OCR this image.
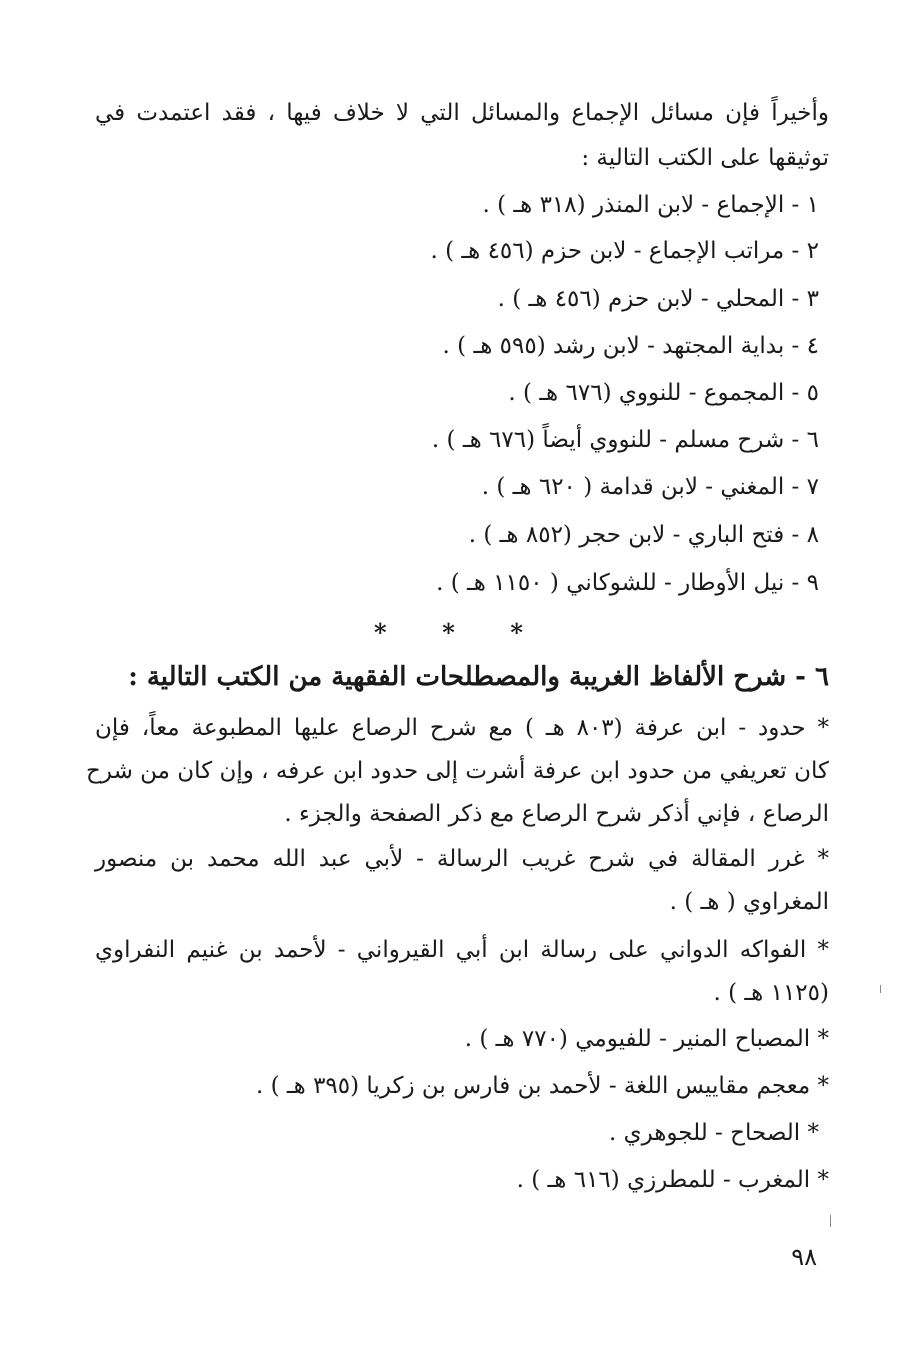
وأخيراً فإن مسائل الإجماع والمسائل التي لا خلاف فيها ، فقد اعتمدت في
توثيقها على الكتب التالية :
١ - الإجماع - لابن المنذر (٣١٨ هـ ) .
٢ - مراتب الإجماع - لابن حزم (٤٥٦ هـ ) .
٣ - المحلي - لابن حزم (٤٥٦ هـ ) .
٤ - بداية المجتهد - لابن رشد (٥٩٥ هـ ) .
٥ - المجموع - للنووي (٦٧٦ هـ ) .
٦ - شرح مسلم - للنووي أيضاً (٦٧٦ هـ ) .
٧ - المغني - لابن قدامة ( ٦٢٠ هـ ) .
٨ - فتح الباري - لابن حجر (٨٥٢ هـ ) .
٩ - نيل الأوطار - للشوكاني ( ١١٥٠ هـ ) .
* * *
٦ - شرح الألفاظ الغريبة والمصطلحات الفقهية من الكتب التالية :
* حدود - ابن عرفة (٨٠٣ هـ ) مع شرح الرصاع عليها المطبوعة معاً، فإن
كان تعريفي من حدود ابن عرفة أشرت إلى حدود ابن عرفه ، وإن كان من شرح
الرصاع ، فإني أذكر شرح الرصاع مع ذكر الصفحة والجزء .
* غرر المقالة في شرح غريب الرسالة - لأبي عبد الله محمد بن منصور
المغراوي ( هـ ) .
* الفواكه الدواني على رسالة ابن أبي القيرواني - لأحمد بن غنيم النفراوي
(١١٢٥ هـ ) .
* المصباح المنير - للفيومي (٧٧٠ هـ ) .
* معجم مقاييس اللغة - لأحمد بن فارس بن زكريا (٣٩٥ هـ ) .
* الصحاح - للجوهري .
* المغرب - للمطرزي (٦١٦ هـ ) .
٩٨
